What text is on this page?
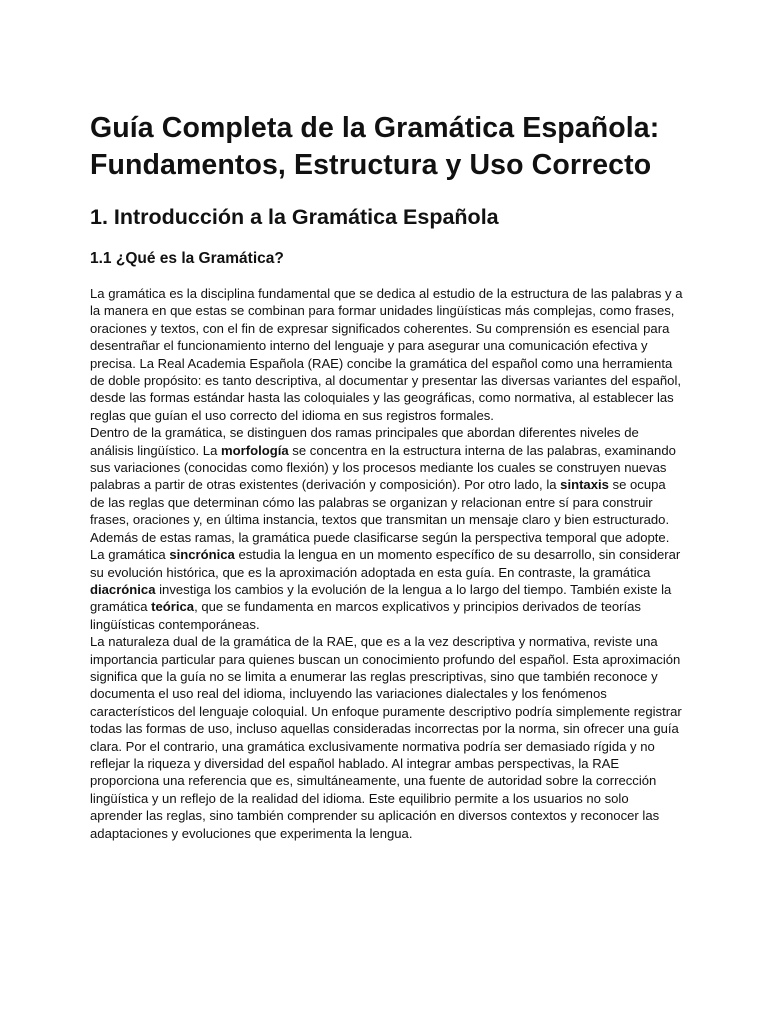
Guía Completa de la Gramática Española: Fundamentos, Estructura y Uso Correcto
1. Introducción a la Gramática Española
1.1 ¿Qué es la Gramática?

La gramática es la disciplina fundamental que se dedica al estudio de la estructura de las palabras y a la manera en que estas se combinan para formar unidades lingüísticas más complejas, como frases, oraciones y textos, con el fin de expresar significados coherentes. Su comprensión es esencial para desentrañar el funcionamiento interno del lenguaje y para asegurar una comunicación efectiva y precisa. La Real Academia Española (RAE) concibe la gramática del español como una herramienta de doble propósito: es tanto descriptiva, al documentar y presentar las diversas variantes del español, desde las formas estándar hasta las coloquiales y las geográficas, como normativa, al establecer las reglas que guían el uso correcto del idioma en sus registros formales.

Dentro de la gramática, se distinguen dos ramas principales que abordan diferentes niveles de análisis lingüístico. La morfología se concentra en la estructura interna de las palabras, examinando sus variaciones (conocidas como flexión) y los procesos mediante los cuales se construyen nuevas palabras a partir de otras existentes (derivación y composición). Por otro lado, la sintaxis se ocupa de las reglas que determinan cómo las palabras se organizan y relacionan entre sí para construir frases, oraciones y, en última instancia, textos que transmitan un mensaje claro y bien estructurado.

Además de estas ramas, la gramática puede clasificarse según la perspectiva temporal que adopte. La gramática sincrónica estudia la lengua en un momento específico de su desarrollo, sin considerar su evolución histórica, que es la aproximación adoptada en esta guía. En contraste, la gramática diacrónica investiga los cambios y la evolución de la lengua a lo largo del tiempo. También existe la gramática teórica, que se fundamenta en marcos explicativos y principios derivados de teorías lingüísticas contemporáneas.

La naturaleza dual de la gramática de la RAE, que es a la vez descriptiva y normativa, reviste una importancia particular para quienes buscan un conocimiento profundo del español. Esta aproximación significa que la guía no se limita a enumerar las reglas prescriptivas, sino que también reconoce y documenta el uso real del idioma, incluyendo las variaciones dialectales y los fenómenos característicos del lenguaje coloquial. Un enfoque puramente descriptivo podría simplemente registrar todas las formas de uso, incluso aquellas consideradas incorrectas por la norma, sin ofrecer una guía clara. Por el contrario, una gramática exclusivamente normativa podría ser demasiado rígida y no reflejar la riqueza y diversidad del español hablado. Al integrar ambas perspectivas, la RAE proporciona una referencia que es, simultáneamente, una fuente de autoridad sobre la corrección lingüística y un reflejo de la realidad del idioma. Este equilibrio permite a los usuarios no solo aprender las reglas, sino también comprender su aplicación en diversos contextos y reconocer las adaptaciones y evoluciones que experimenta la lengua.
